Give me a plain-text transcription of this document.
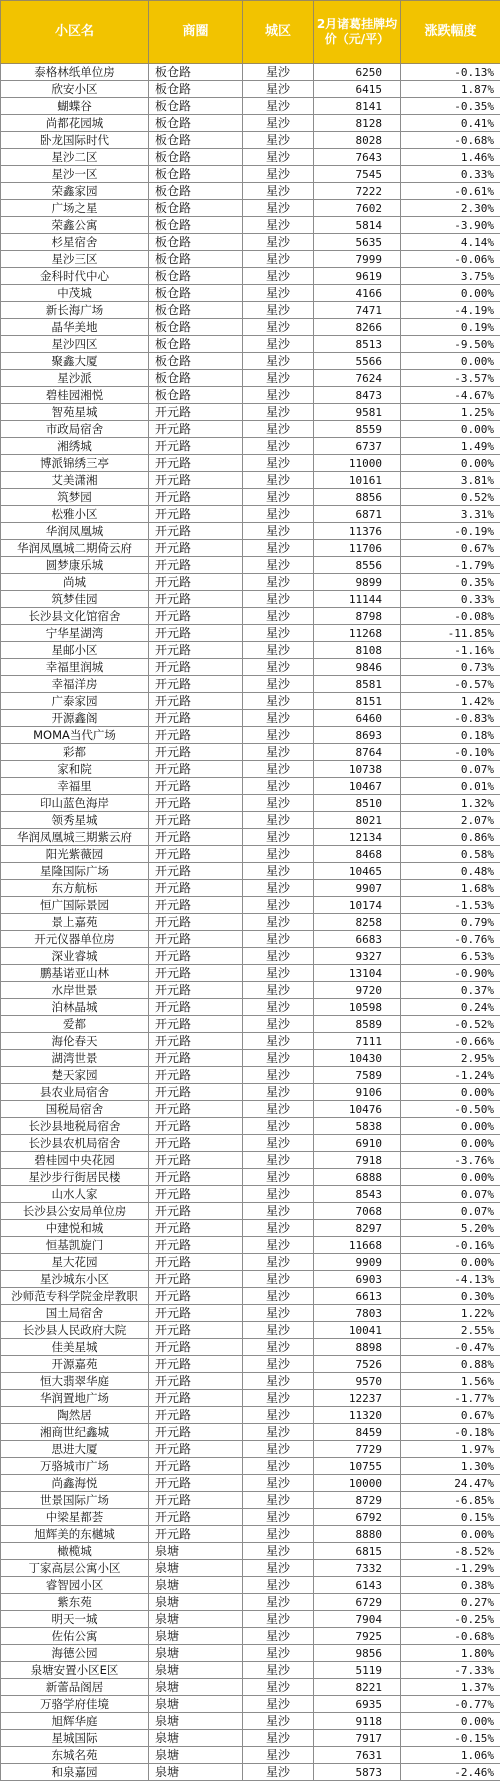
小区名	商圈	城区	2月诸葛挂牌均价（元/平）	涨跌幅度
泰格林纸单位房	板仓路	星沙	6250	-0.13%
欣安小区	板仓路	星沙	6415	1.87%
蝴蝶谷	板仓路	星沙	8141	-0.35%
尚都花园城	板仓路	星沙	8128	0.41%
卧龙国际时代	板仓路	星沙	8028	-0.68%
星沙二区	板仓路	星沙	7643	1.46%
星沙一区	板仓路	星沙	7545	0.33%
荣鑫家园	板仓路	星沙	7222	-0.61%
广场之星	板仓路	星沙	7602	2.30%
荣鑫公寓	板仓路	星沙	5814	-3.90%
杉星宿舍	板仓路	星沙	5635	4.14%
星沙三区	板仓路	星沙	7999	-0.06%
金科时代中心	板仓路	星沙	9619	3.75%
中茂城	板仓路	星沙	4166	0.00%
新长海广场	板仓路	星沙	7471	-4.19%
晶华美地	板仓路	星沙	8266	0.19%
星沙四区	板仓路	星沙	8513	-9.50%
聚鑫大厦	板仓路	星沙	5566	0.00%
星沙派	板仓路	星沙	7624	-3.57%
碧桂园湘悦	板仓路	星沙	8473	-4.67%
智苑星城	开元路	星沙	9581	1.25%
市政局宿舍	开元路	星沙	8559	0.00%
湘绣城	开元路	星沙	6737	1.49%
博派锦绣三亭	开元路	星沙	11000	0.00%
艾美潇湘	开元路	星沙	10161	3.81%
筑梦园	开元路	星沙	8856	0.52%
松雅小区	开元路	星沙	6871	3.31%
华润凤凰城	开元路	星沙	11376	-0.19%
华润凤凰城二期倚云府	开元路	星沙	11706	0.67%
圆梦康乐城	开元路	星沙	8556	-1.79%
尚城	开元路	星沙	9899	0.35%
筑梦佳园	开元路	星沙	11144	0.33%
长沙县文化馆宿舍	开元路	星沙	8798	-0.08%
宁华星湖湾	开元路	星沙	11268	-11.85%
星邮小区	开元路	星沙	8108	-1.16%
幸福里润城	开元路	星沙	9846	0.73%
幸福洋房	开元路	星沙	8581	-0.57%
广泰家园	开元路	星沙	8151	1.42%
开源鑫阁	开元路	星沙	6460	-0.83%
MOMA当代广场	开元路	星沙	8693	0.18%
彩都	开元路	星沙	8764	-0.10%
家和院	开元路	星沙	10738	0.07%
幸福里	开元路	星沙	10467	0.01%
印山蓝色海岸	开元路	星沙	8510	1.32%
领秀星城	开元路	星沙	8021	2.07%
华润凤凰城三期紫云府	开元路	星沙	12134	0.86%
阳光紫薇园	开元路	星沙	8468	0.58%
星隆国际广场	开元路	星沙	10465	0.48%
东方航标	开元路	星沙	9907	1.68%
恒广国际景园	开元路	星沙	10174	-1.53%
景上嘉苑	开元路	星沙	8258	0.79%
开元仪器单位房	开元路	星沙	6683	-0.76%
深业睿城	开元路	星沙	9327	6.53%
鹏基诺亚山林	开元路	星沙	13104	-0.90%
水岸世景	开元路	星沙	9720	0.37%
泊林晶城	开元路	星沙	10598	0.24%
爱都	开元路	星沙	8589	-0.52%
海伦春天	开元路	星沙	7111	-0.66%
湖湾世景	开元路	星沙	10430	2.95%
楚天家园	开元路	星沙	7589	-1.24%
县农业局宿舍	开元路	星沙	9106	0.00%
国税局宿舍	开元路	星沙	10476	-0.50%
长沙县地税局宿舍	开元路	星沙	5838	0.00%
长沙县农机局宿舍	开元路	星沙	6910	0.00%
碧桂园中央花园	开元路	星沙	7918	-3.76%
星沙步行街居民楼	开元路	星沙	6888	0.00%
山水人家	开元路	星沙	8543	0.07%
长沙县公安局单位房	开元路	星沙	7068	0.07%
中建悦和城	开元路	星沙	8297	5.20%
恒基凯旋门	开元路	星沙	11668	-0.16%
星大花园	开元路	星沙	9909	0.00%
星沙城东小区	开元路	星沙	6903	-4.13%
沙师范专科学院金岸教职	开元路	星沙	6613	0.30%
国土局宿舍	开元路	星沙	7803	1.22%
长沙县人民政府大院	开元路	星沙	10041	2.55%
佳美星城	开元路	星沙	8898	-0.47%
开源嘉苑	开元路	星沙	7526	0.88%
恒大翡翠华庭	开元路	星沙	9570	1.56%
华润置地广场	开元路	星沙	12237	-1.77%
陶然居	开元路	星沙	11320	0.67%
湘商世纪鑫城	开元路	星沙	8459	-0.18%
思进大厦	开元路	星沙	7729	1.97%
万骆城市广场	开元路	星沙	10755	1.30%
尚鑫海悦	开元路	星沙	10000	24.47%
世景国际广场	开元路	星沙	8729	-6.85%
中梁星都荟	开元路	星沙	6792	0.15%
旭辉美的东樾城	开元路	星沙	8880	0.00%
橄榄城	泉塘	星沙	6815	-8.52%
丁家高层公寓小区	泉塘	星沙	7332	-1.29%
睿智园小区	泉塘	星沙	6143	0.38%
紫东苑	泉塘	星沙	6729	0.27%
明天一城	泉塘	星沙	7904	-0.25%
佐佑公寓	泉塘	星沙	7925	-0.68%
海德公园	泉塘	星沙	9856	1.80%
泉塘安置小区E区	泉塘	星沙	5119	-7.33%
新蕾品阁居	泉塘	星沙	8221	1.37%
万骆学府佳境	泉塘	星沙	6935	-0.77%
旭辉华庭	泉塘	星沙	9118	0.00%
星城国际	泉塘	星沙	7917	-0.15%
东城名苑	泉塘	星沙	7631	1.06%
和泉嘉园	泉塘	星沙	5873	-2.46%
